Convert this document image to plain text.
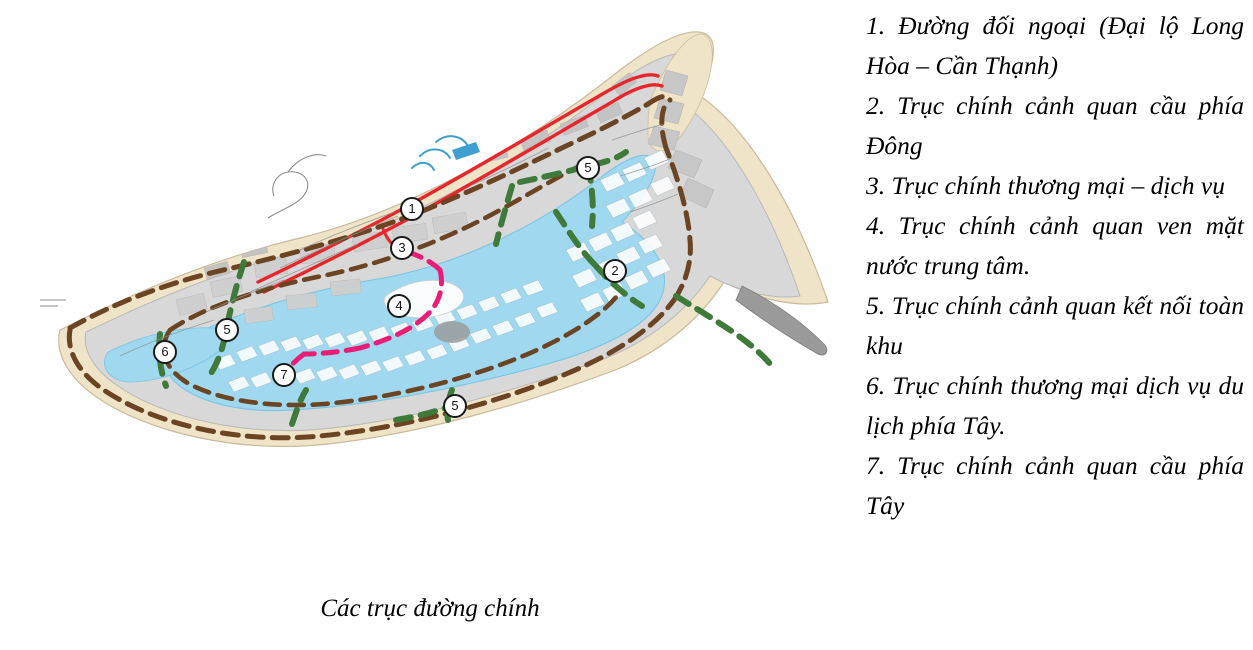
1
2
3
4
5
5
5
6
7
Các trục đường chính

1. Đường đối ngoại (Đại lộ Long Hòa – Cần Thạnh)

2. Trục chính cảnh quan cầu phía Đông

3. Trục chính thương mại – dịch vụ

4. Trục chính cảnh quan ven mặt nước trung tâm.

5. Trục chính cảnh quan kết nối toàn khu

6. Trục chính thương mại dịch vụ du lịch phía Tây.

7. Trục chính cảnh quan cầu phía Tây
